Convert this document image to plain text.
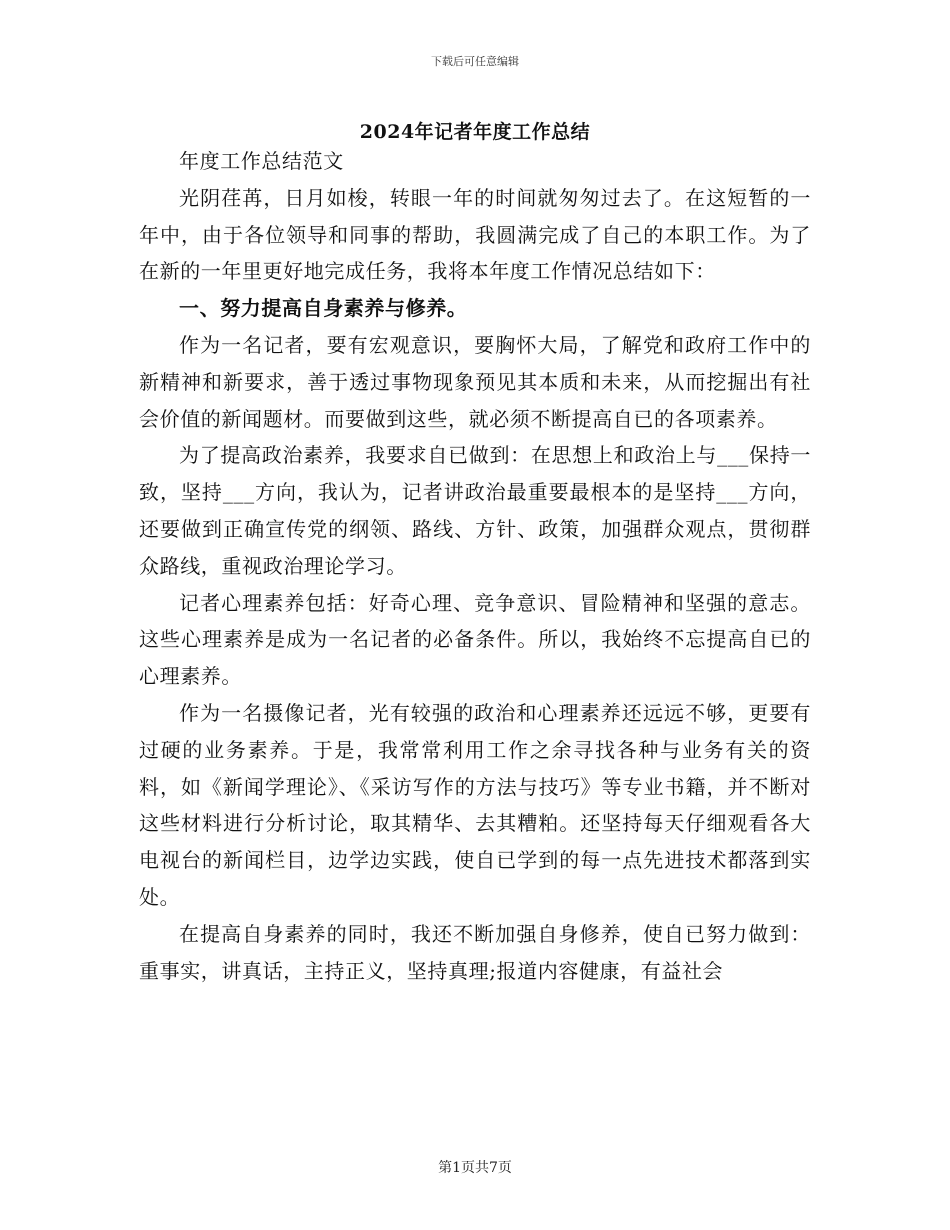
下载后可任意编辑
2024年记者年度工作总结

年度工作总结范文

光阴荏苒，日月如梭，转眼一年的时间就匆匆过去了。在这短暂的一年中，由于各位领导和同事的帮助，我圆满完成了自己的本职工作。为了在新的一年里更好地完成任务，我将本年度工作情况总结如下：

一、努力提高自身素养与修养。

作为一名记者，要有宏观意识，要胸怀大局，了解党和政府工作中的新精神和新要求，善于透过事物现象预见其本质和未来，从而挖掘出有社会价值的新闻题材。而要做到这些，就必须不断提高自已的各项素养。

为了提高政治素养，我要求自已做到：在思想上和政治上与___保持一致，坚持___方向，我认为，记者讲政治最重要最根本的是坚持___方向，还要做到正确宣传党的纲领、路线、方针、政策，加强群众观点，贯彻群众路线，重视政治理论学习。

记者心理素养包括：好奇心理、竞争意识、冒险精神和坚强的意志。这些心理素养是成为一名记者的必备条件。所以，我始终不忘提高自已的心理素养。

作为一名摄像记者，光有较强的政治和心理素养还远远不够，更要有过硬的业务素养。于是，我常常利用工作之余寻找各种与业务有关的资料，如《新闻学理论》、《采访写作的方法与技巧》等专业书籍，并不断对这些材料进行分析讨论，取其精华、去其糟粕。还坚持每天仔细观看各大电视台的新闻栏目，边学边实践，使自已学到的每一点先进技术都落到实处。

在提高自身素养的同时，我还不断加强自身修养，使自已努力做到：重事实，讲真话，主持正义，坚持真理;报道内容健康，有益社会

第1页共7页
